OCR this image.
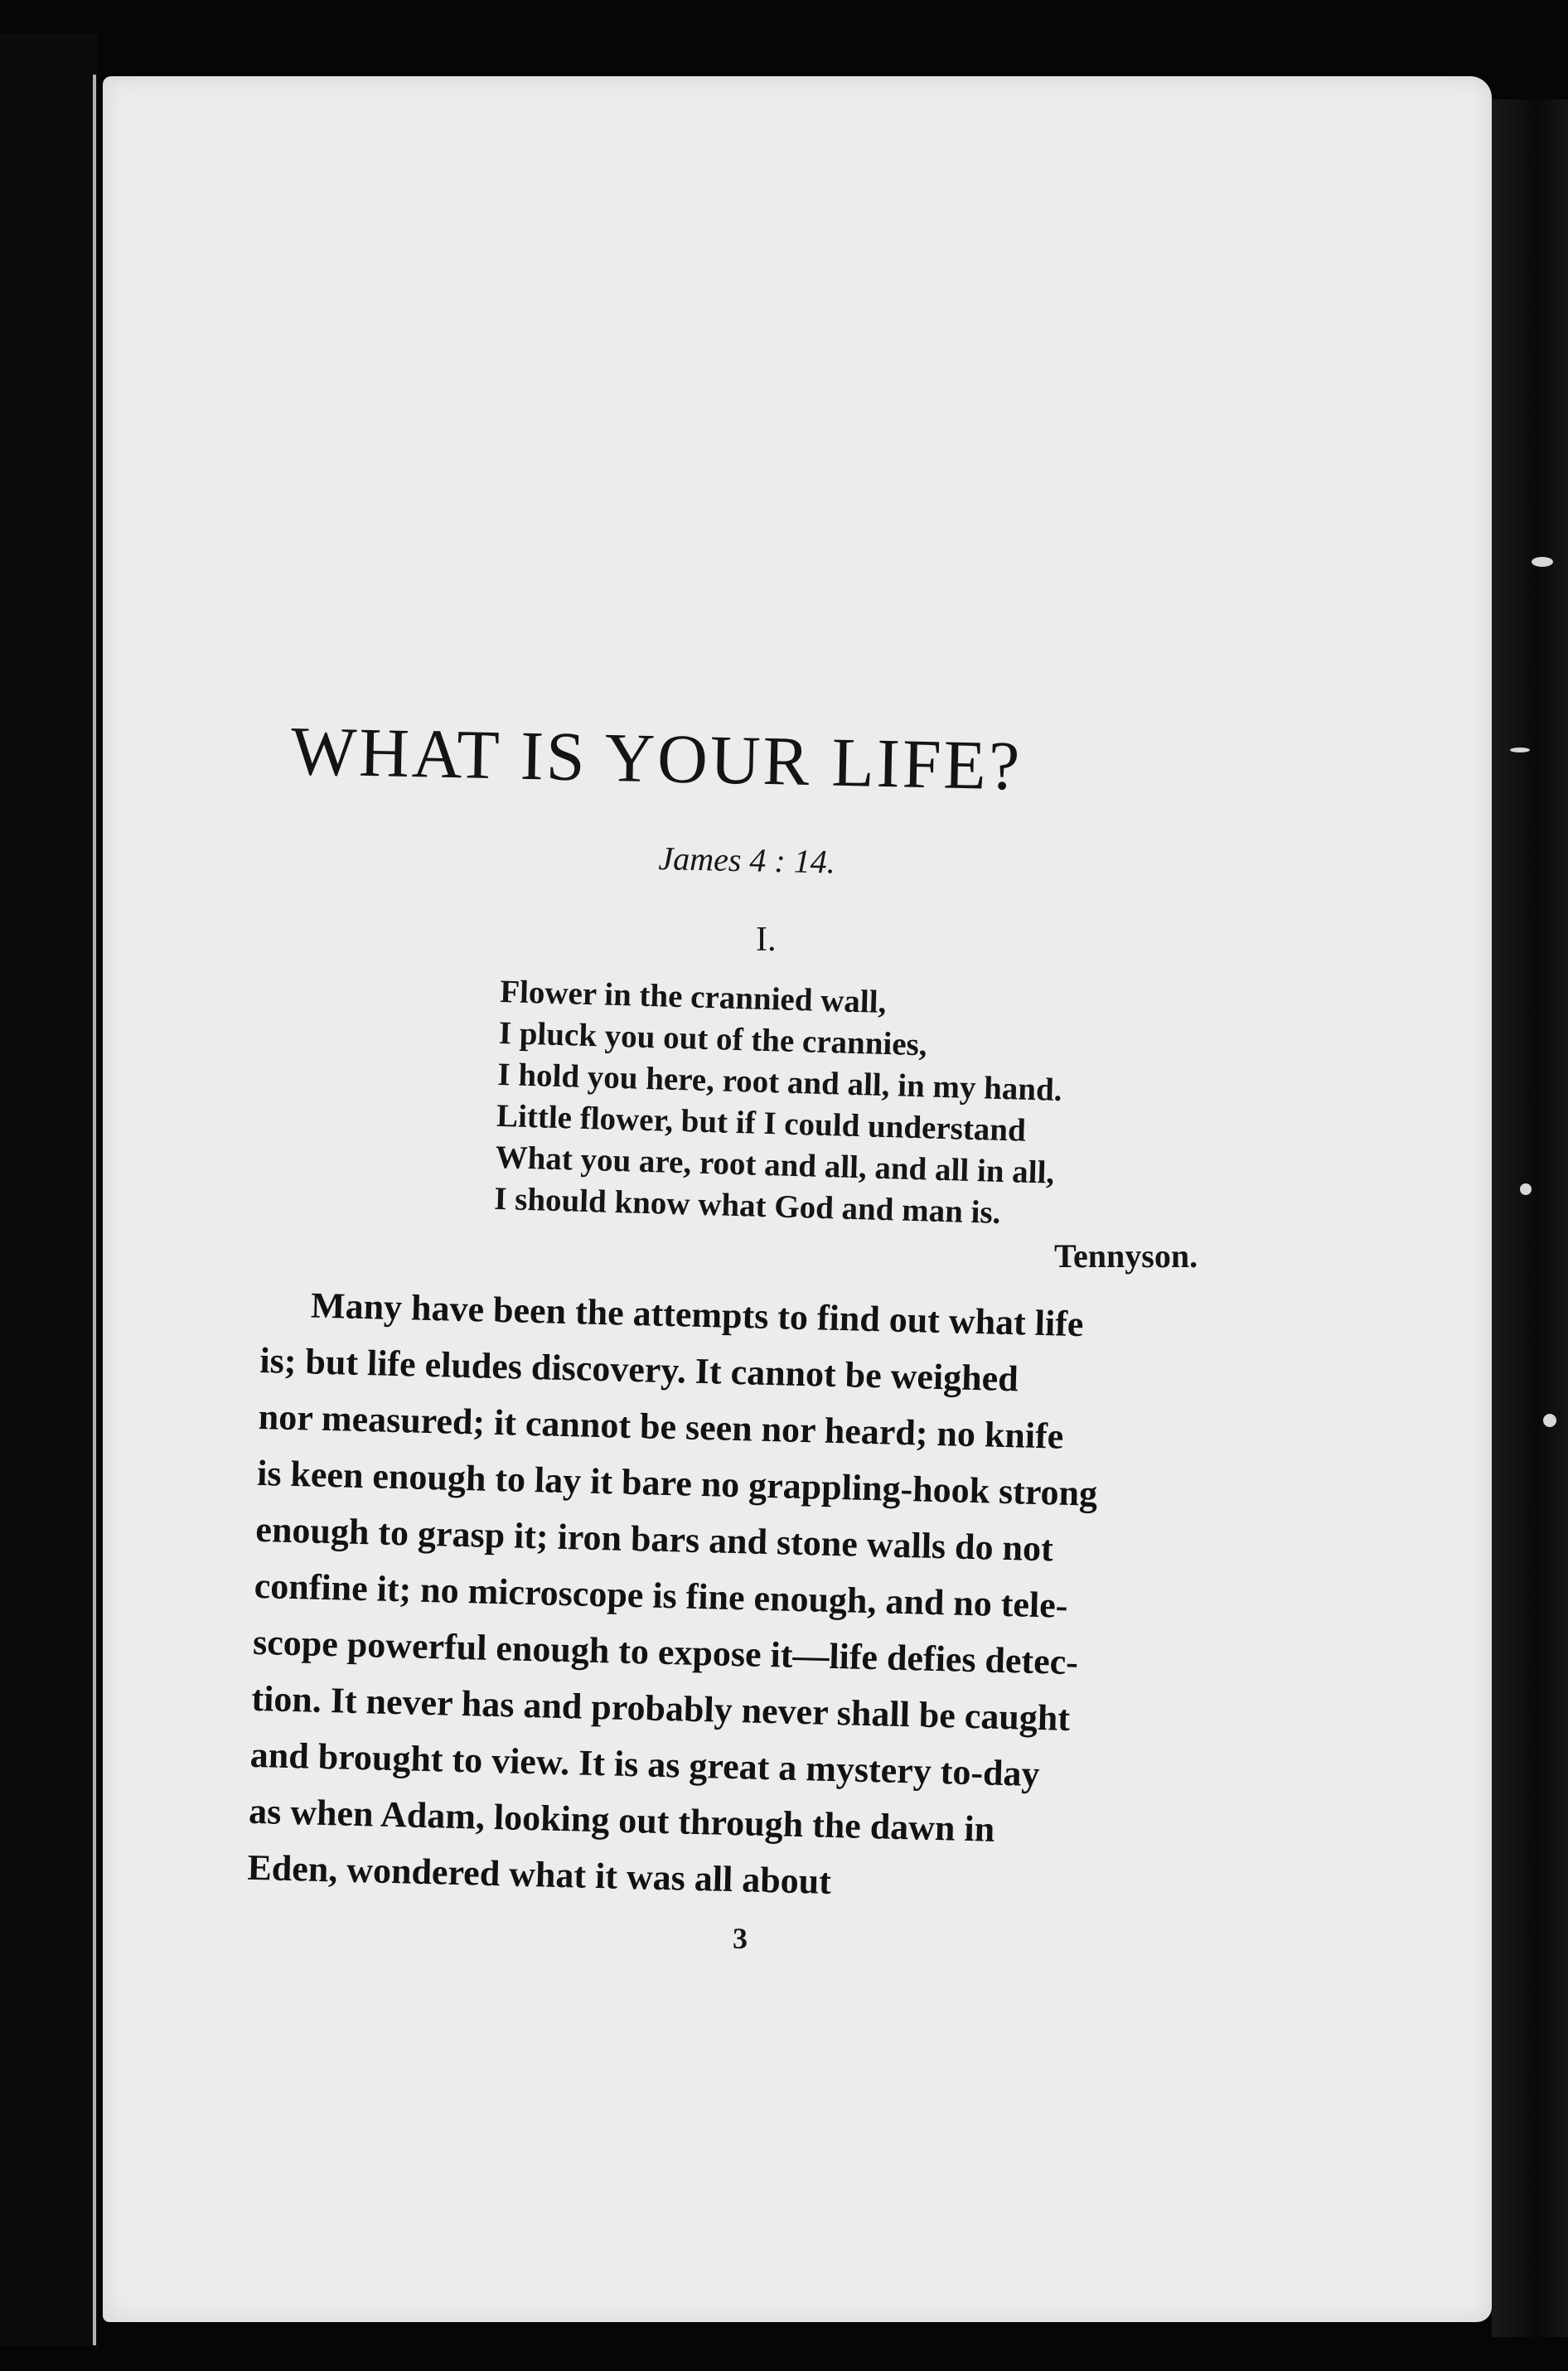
WHAT IS YOUR LIFE?
James 4 : 14.
I.
Flower in the crannied wall,
I pluck you out of the crannies,
I hold you here, root and all, in my hand.
Little flower, but if I could understand
What you are, root and all, and all in all,
I should know what God and man is.
Tennyson.
Many have been the attempts to find out what life
is; but life eludes discovery. It cannot be weighed
nor measured; it cannot be seen nor heard; no knife
is keen enough to lay it bare no grappling-hook strong
enough to grasp it; iron bars and stone walls do not
confine it; no microscope is fine enough, and no tele-
scope powerful enough to expose it—life defies detec-
tion. It never has and probably never shall be caught
and brought to view. It is as great a mystery to-day
as when Adam, looking out through the dawn in
Eden, wondered what it was all about
3
